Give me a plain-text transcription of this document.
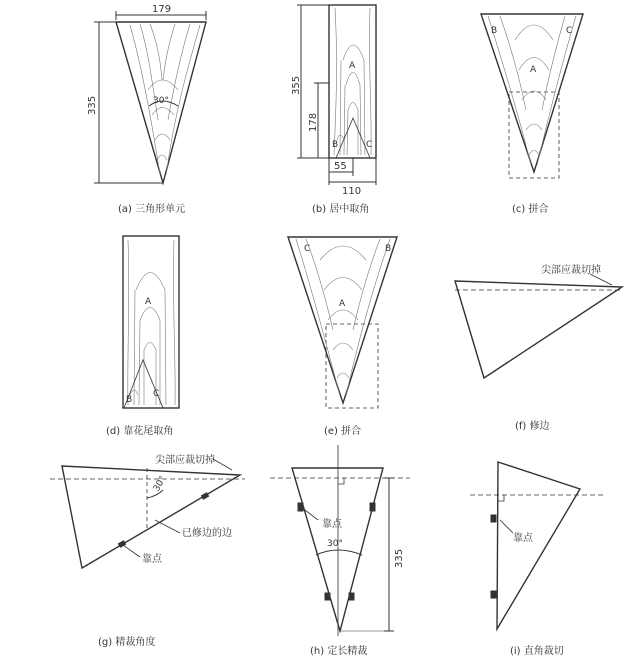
179
335	30°
(a) 三角形单元
355
178
A
B	C
55
110
(b) 居中取角
A
B	C
(c) 拼合
A
B
C
(d) 靠花尾取角
A
B
C
(e) 拼合
尖部应裁切掉
(f) 修边
尖部应裁切掉
30°
已修边的边
靠点
(g) 精裁角度
靠点
30°
335
(h) 定长精裁
靠点
(i) 直角裁切
